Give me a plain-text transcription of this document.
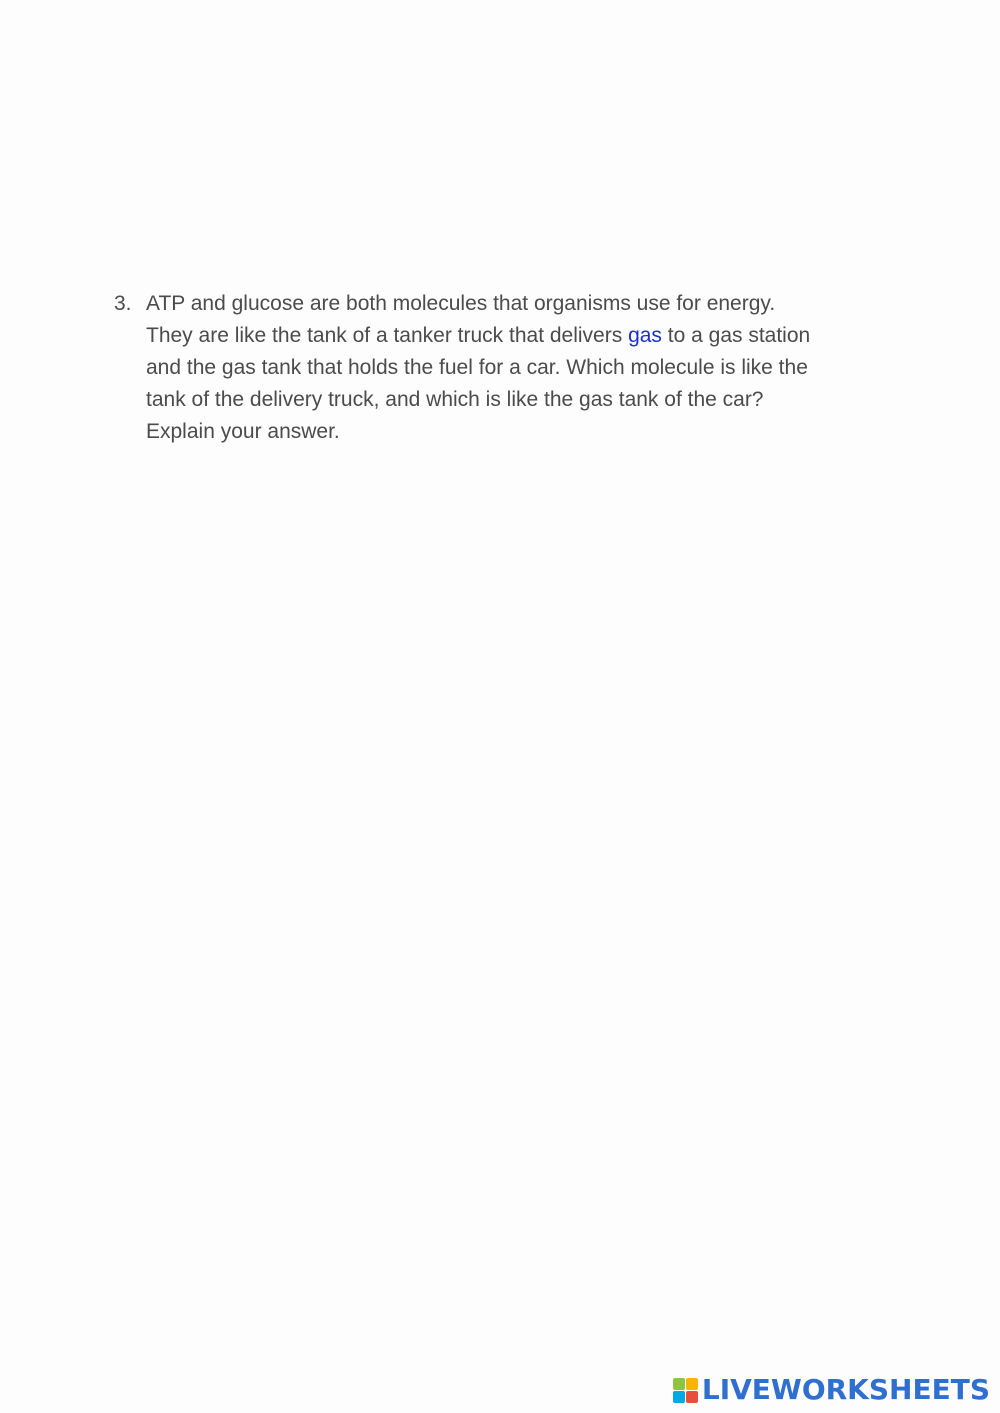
3. ATP and glucose are both molecules that organisms use for energy.
They are like the tank of a tanker truck that delivers gas to a gas station
and the gas tank that holds the fuel for a car. Which molecule is like the
tank of the delivery truck, and which is like the gas tank of the car?
Explain your answer.
LIVEWORKSHEETS
